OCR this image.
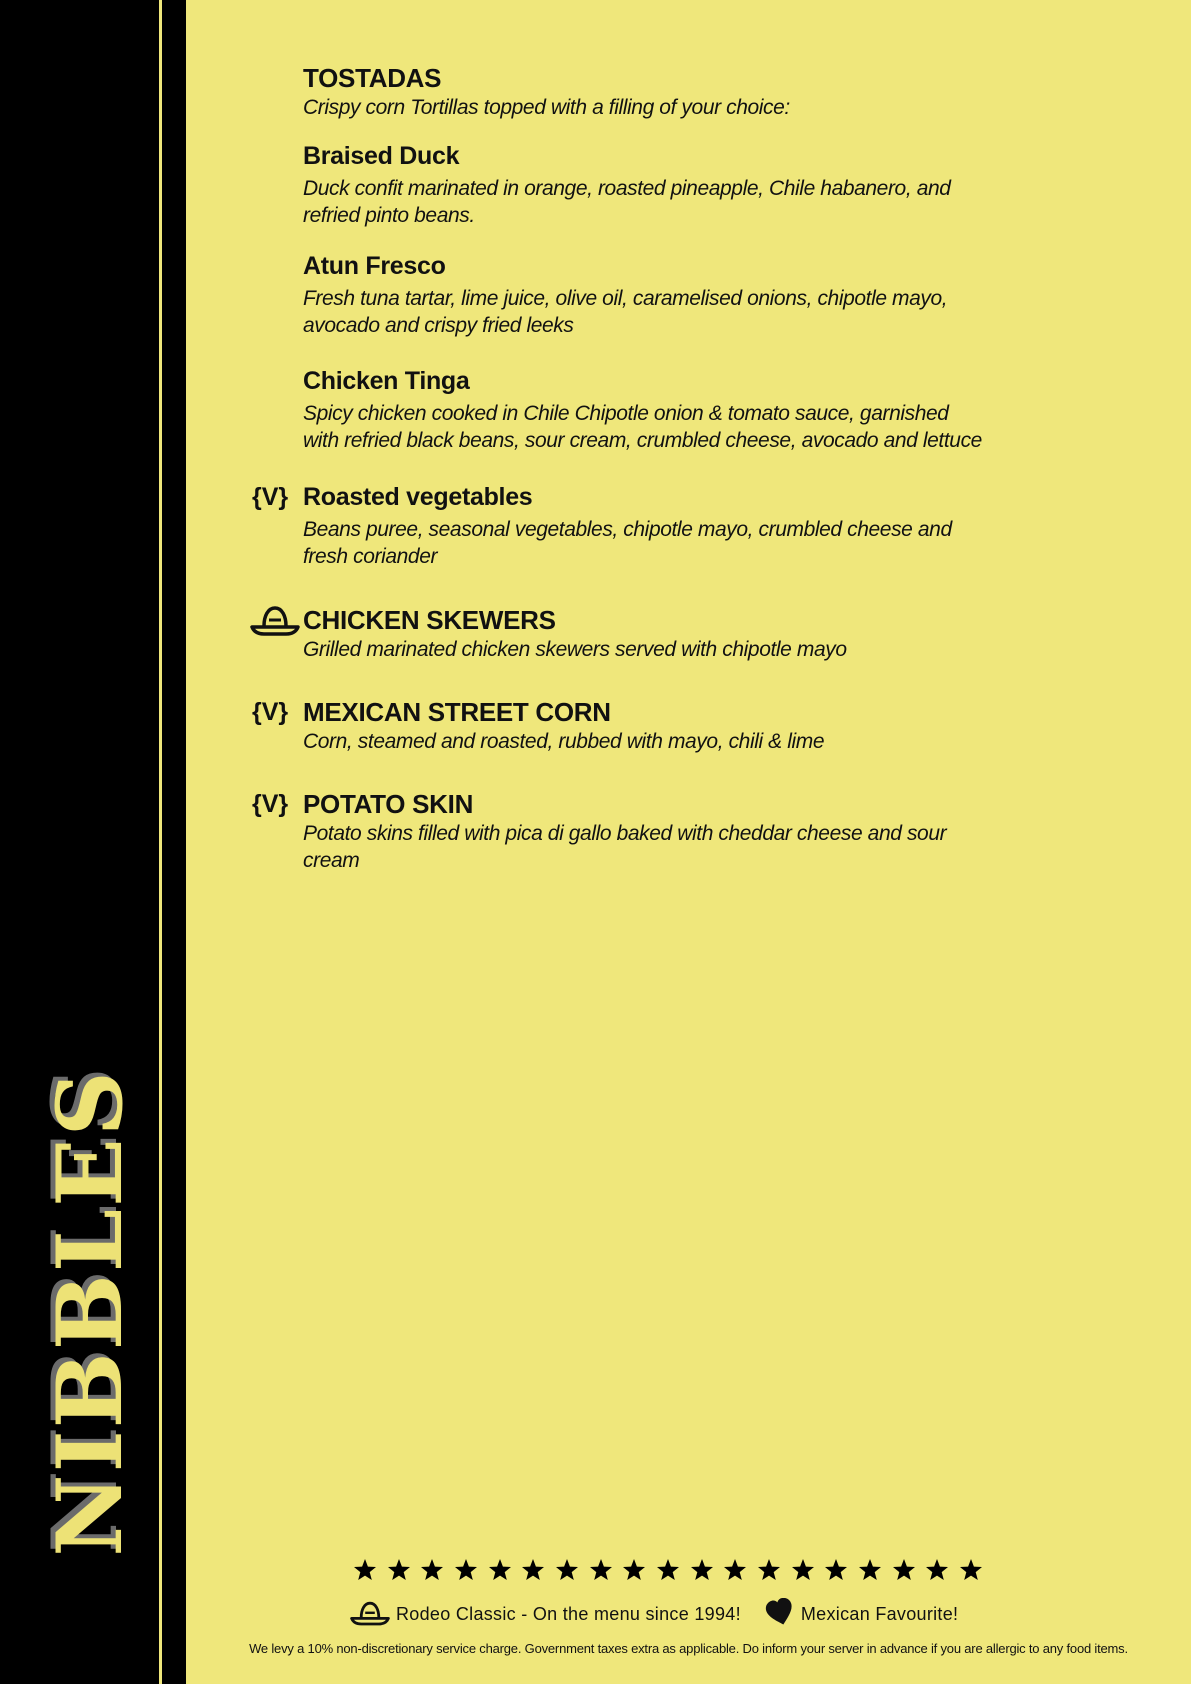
NIBBLES
TOSTADAS
Crispy corn Tortillas topped with a filling of your choice:
Braised Duck
Duck confit marinated in orange, roasted pineapple, Chile habanero, and refried pinto beans.
Atun Fresco
Fresh tuna tartar, lime juice, olive oil, caramelised onions, chipotle mayo, avocado and crispy fried leeks
Chicken Tinga
Spicy chicken cooked in Chile Chipotle onion & tomato sauce, garnished with refried black beans, sour cream, crumbled cheese, avocado and lettuce
{V} Roasted vegetables
Beans puree, seasonal vegetables, chipotle mayo, crumbled cheese and fresh coriander
CHICKEN SKEWERS
Grilled marinated chicken skewers served with chipotle mayo
{V} MEXICAN STREET CORN
Corn, steamed and roasted, rubbed with mayo, chili & lime
{V} POTATO SKIN
Potato skins filled with pica di gallo baked with cheddar cheese and sour cream
Rodeo Classic - On the menu since 1994!	Mexican Favourite!
We levy a 10% non-discretionary service charge. Government taxes extra as applicable. Do inform your server in advance if you are allergic to any food items.
